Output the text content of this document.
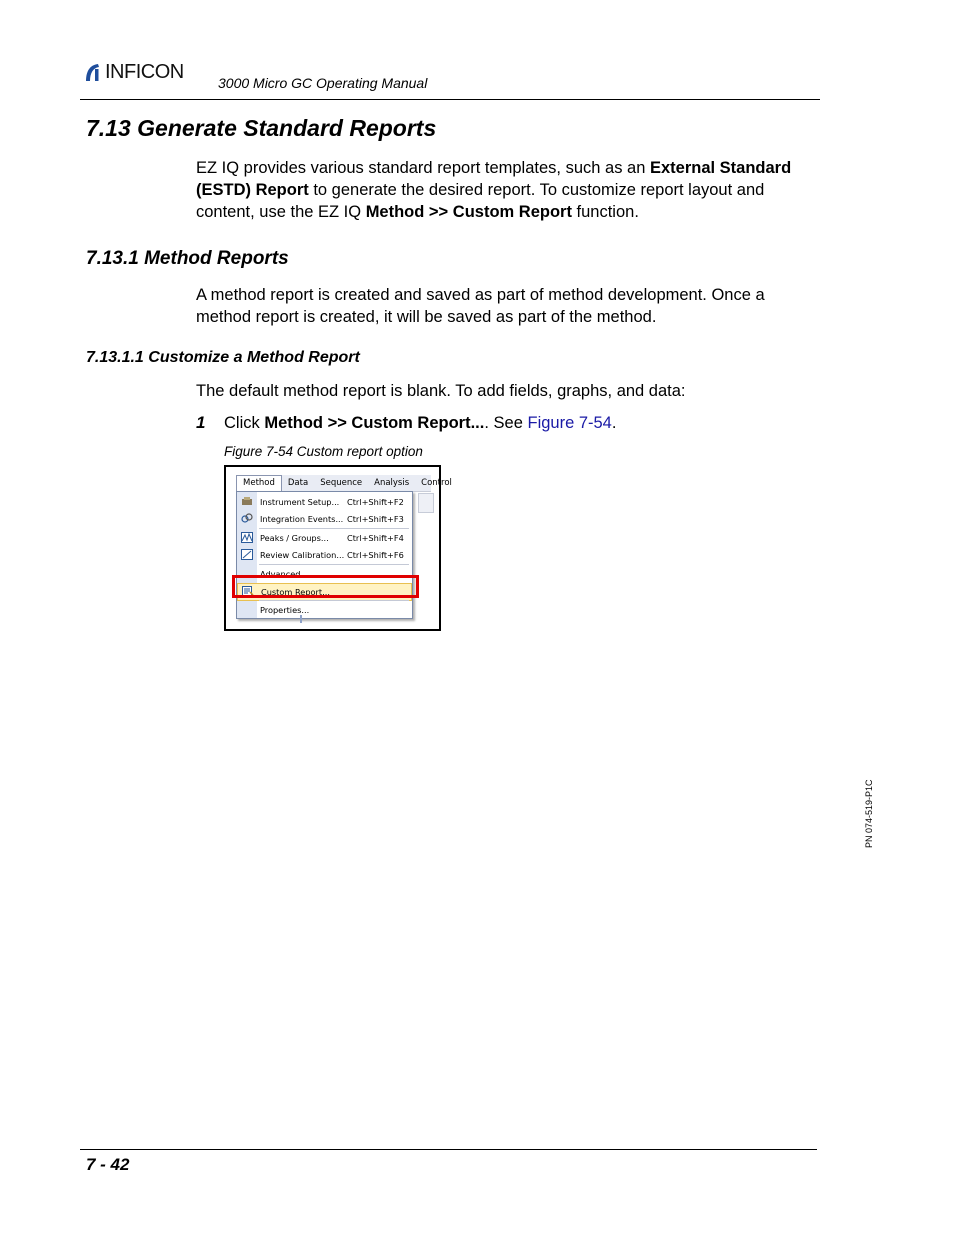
INFICON
3000 Micro GC Operating Manual
7.13 Generate Standard Reports
EZ IQ provides various standard report templates, such as an External Standard (ESTD) Report to generate the desired report. To customize report layout and content, use the EZ IQ Method >> Custom Report function.
7.13.1 Method Reports
A method report is created and saved as part of method development. Once a method report is created, it will be saved as part of the method.
7.13.1.1 Customize a Method Report
The default method report is blank. To add fields, graphs, and data:
1	Click Method >> Custom Report.... See Figure 7-54.
Figure 7-54 Custom report option
Method	Data	Sequence	Analysis	Control
Instrument Setup... Ctrl+Shift+F2
Integration Events... Ctrl+Shift+F3
Peaks / Groups... Ctrl+Shift+F4
Review Calibration... Ctrl+Shift+F6
Advanced...
Custom Report...
Properties...
PN 074-519-P1C
7 - 42
